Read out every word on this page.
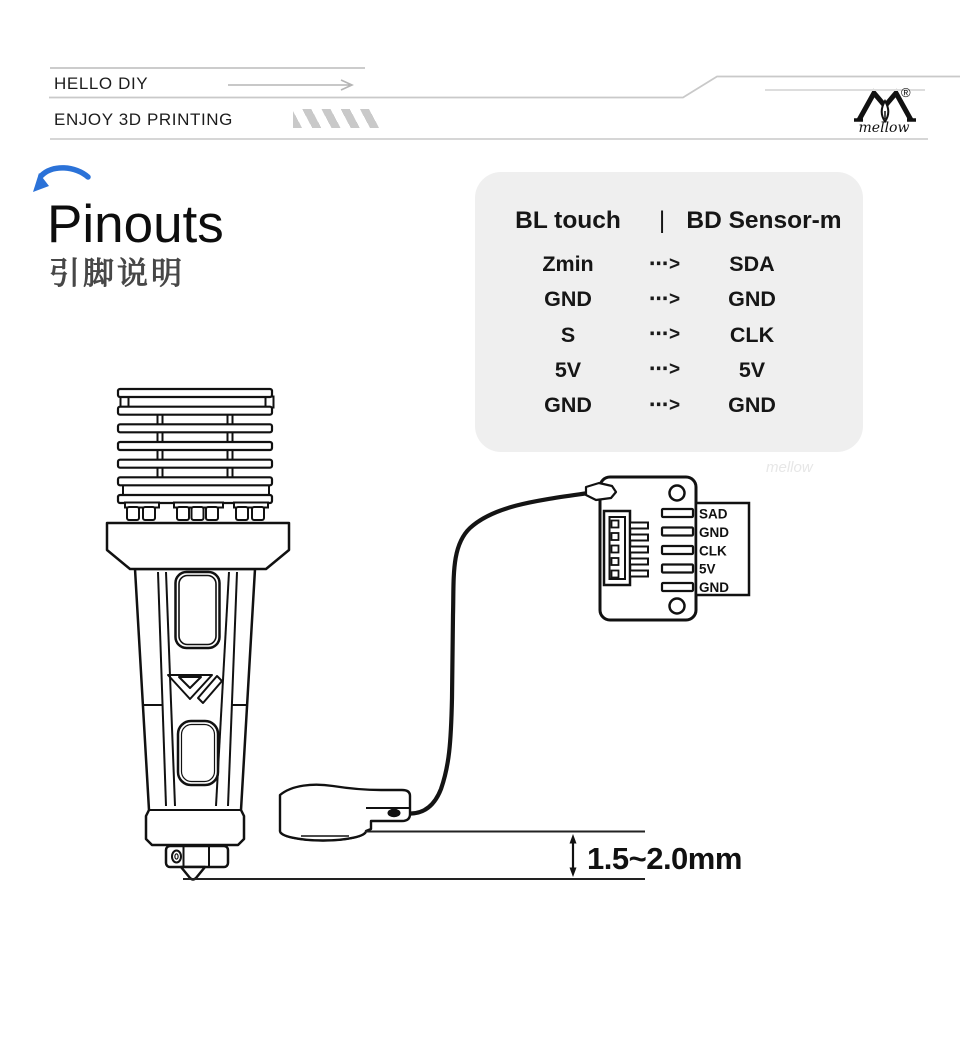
mellow
SAD
GND
CLK
5V
GND
1.5~2.0mm
HELLO DIY
ENJOY 3D PRINTING	mellow
®
Pinouts
引脚说明
BL touch | BD Sensor-m
Zmin	⋯> SDA
GND	⋯> GND
S	⋯> CLK
5V	⋯>	5V
GND	⋯> GND
